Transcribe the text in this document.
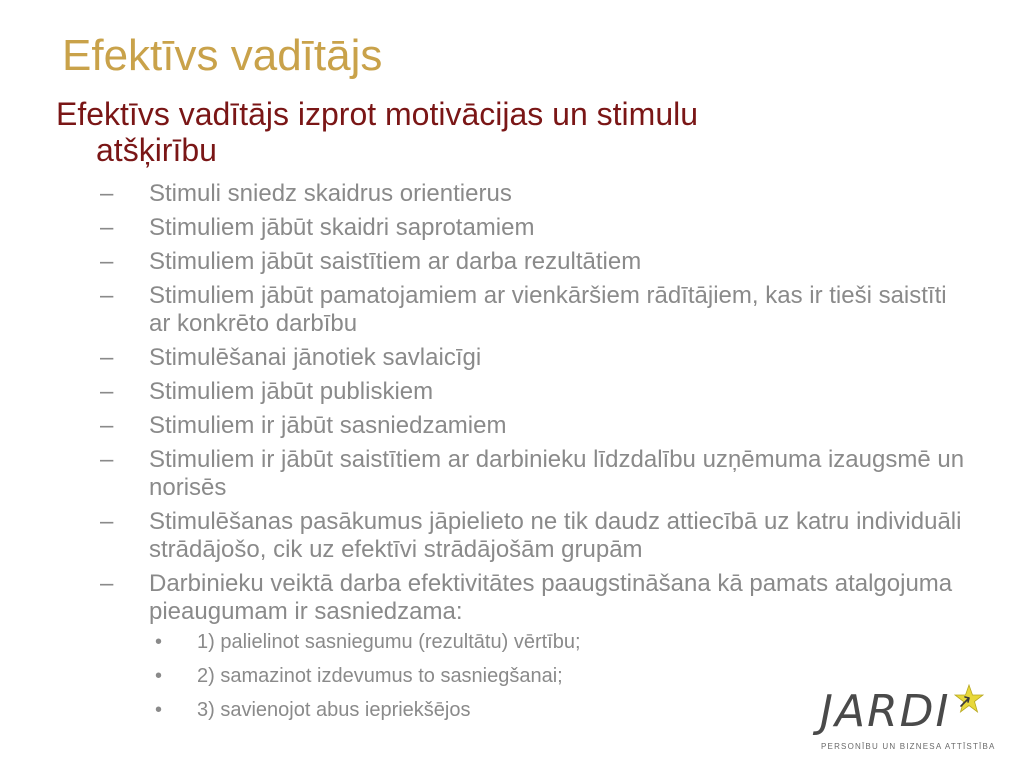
Efektīvs vadītājs
Efektīvs vadītājs izprot motivācijas un stimulu
atšķirību
– Stimuli sniedz skaidrus orientierus
– Stimuliem jābūt skaidri saprotamiem
– Stimuliem jābūt saistītiem ar darba rezultātiem
– Stimuliem jābūt pamatojamiem ar vienkāršiem rādītājiem, kas ir tieši saistīti ar konkrēto darbību
– Stimulēšanai jānotiek savlaicīgi
– Stimuliem jābūt publiskiem
– Stimuliem ir jābūt sasniedzamiem
– Stimuliem ir jābūt saistītiem ar darbinieku līdzdalību uzņēmuma izaugsmē un norisēs
– Stimulēšanas pasākumus jāpielieto ne tik daudz attiecībā uz katru individuāli strādājošo, cik uz efektīvi strādājošām grupām
– Darbinieku veiktā darba efektivitātes paaugstināšana kā pamats atalgojuma pieaugumam ir sasniedzama:
• 1) palielinot sasniegumu (rezultātu) vērtību;
• 2) samazinot izdevumus to sasniegšanai;
• 3) savienojot abus iepriekšējos	JARDI
PERSONĪBU UN BIZNESA ATTĪSTĪBA
